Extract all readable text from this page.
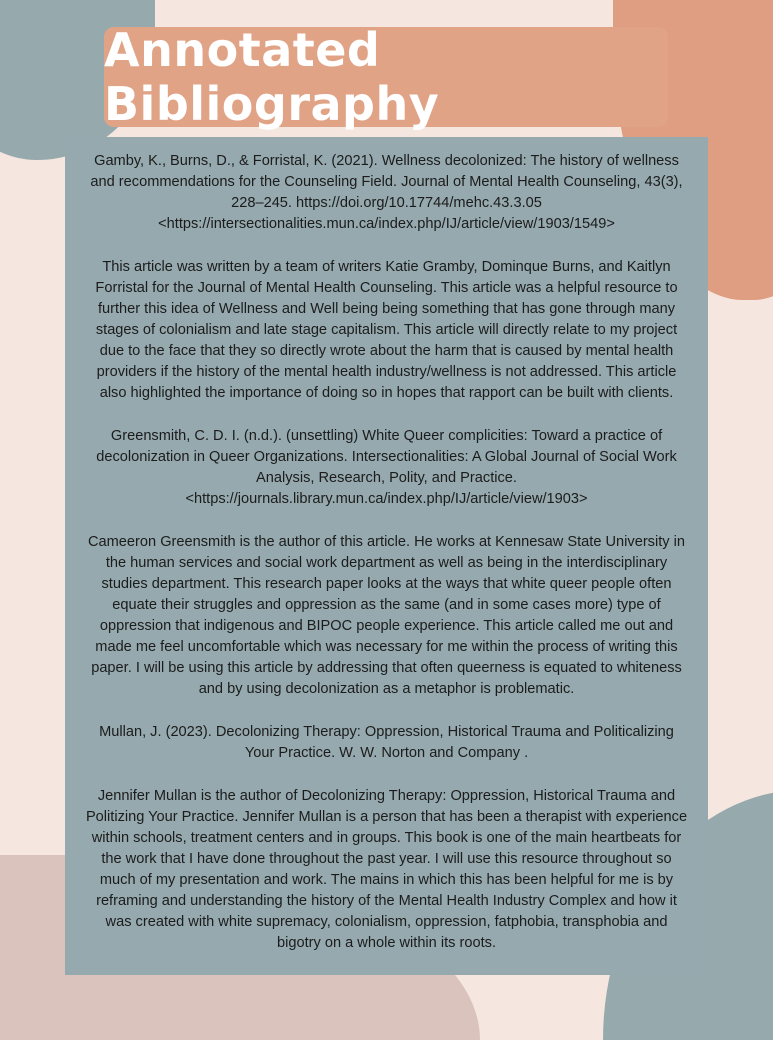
Annotated Bibliography

Gamby, K., Burns, D., & Forristal, K. (2021). Wellness decolonized: The history of wellness
and recommendations for the Counseling Field. Journal of Mental Health Counseling, 43(3),
228–245. https://doi.org/10.17744/mehc.43.3.05
<https://intersectionalities.mun.ca/index.php/IJ/article/view/1903/1549>

This article was written by a team of writers Katie Gramby, Dominque Burns, and Kaitlyn
Forristal for the Journal of Mental Health Counseling. This article was a helpful resource to
further this idea of Wellness and Well being being something that has gone through many
stages of colonialism and late stage capitalism. This article will directly relate to my project
due to the face that they so directly wrote about the harm that is caused by mental health
providers if the history of the mental health industry/wellness is not addressed. This article
also highlighted the importance of doing so in hopes that rapport can be built with clients.

Greensmith, C. D. I. (n.d.). (unsettling) White Queer complicities: Toward a practice of
decolonization in Queer Organizations. Intersectionalities: A Global Journal of Social Work
Analysis, Research, Polity, and Practice.
<https://journals.library.mun.ca/index.php/IJ/article/view/1903>

Cameeron Greensmith is the author of this article. He works at Kennesaw State University in
the human services and social work department as well as being in the interdisciplinary
studies department. This research paper looks at the ways that white queer people often
equate their struggles and oppression as the same (and in some cases more) type of
oppression that indigenous and BIPOC people experience. This article called me out and
made me feel uncomfortable which was necessary for me within the process of writing this
paper. I will be using this article by addressing that often queerness is equated to whiteness
and by using decolonization as a metaphor is problematic.

Mullan, J. (2023). Decolonizing Therapy: Oppression, Historical Trauma and Politicalizing
Your Practice. W. W. Norton and Company .

Jennifer Mullan is the author of Decolonizing Therapy: Oppression, Historical Trauma and
Politizing Your Practice. Jennifer Mullan is a person that has been a therapist with experience
within schools, treatment centers and in groups. This book is one of the main heartbeats for
the work that I have done throughout the past year. I will use this resource throughout so
much of my presentation and work. The mains in which this has been helpful for me is by
reframing and understanding the history of the Mental Health Industry Complex and how it
was created with white supremacy, colonialism, oppression, fatphobia, transphobia and
bigotry on a whole within its roots.
